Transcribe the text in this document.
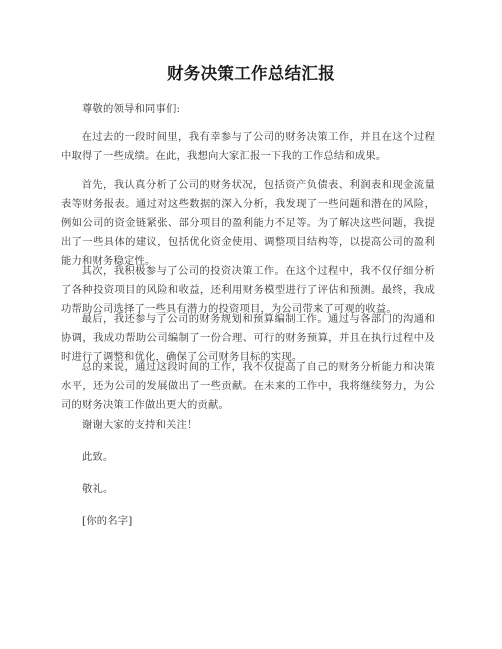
财务决策工作总结汇报

尊敬的领导和同事们:

在过去的一段时间里，我有幸参与了公司的财务决策工作，并且在这个过程中取得了一些成绩。在此，我想向大家汇报一下我的工作总结和成果。

首先，我认真分析了公司的财务状况，包括资产负债表、利润表和现金流量表等财务报表。通过对这些数据的深入分析，我发现了一些问题和潜在的风险，例如公司的资金链紧张、部分项目的盈利能力不足等。为了解决这些问题，我提出了一些具体的建议，包括优化资金使用、调整项目结构等，以提高公司的盈利能力和财务稳定性。

其次，我积极参与了公司的投资决策工作。在这个过程中，我不仅仔细分析了各种投资项目的风险和收益，还利用财务模型进行了评估和预测。最终，我成功帮助公司选择了一些具有潜力的投资项目，为公司带来了可观的收益。

最后，我还参与了公司的财务规划和预算编制工作。通过与各部门的沟通和协调，我成功帮助公司编制了一份合理、可行的财务预算，并且在执行过程中及时进行了调整和优化，确保了公司财务目标的实现。

总的来说，通过这段时间的工作，我不仅提高了自己的财务分析能力和决策水平，还为公司的发展做出了一些贡献。在未来的工作中，我将继续努力，为公司的财务决策工作做出更大的贡献。

谢谢大家的支持和关注！

此致。

敬礼。

[你的名字]
